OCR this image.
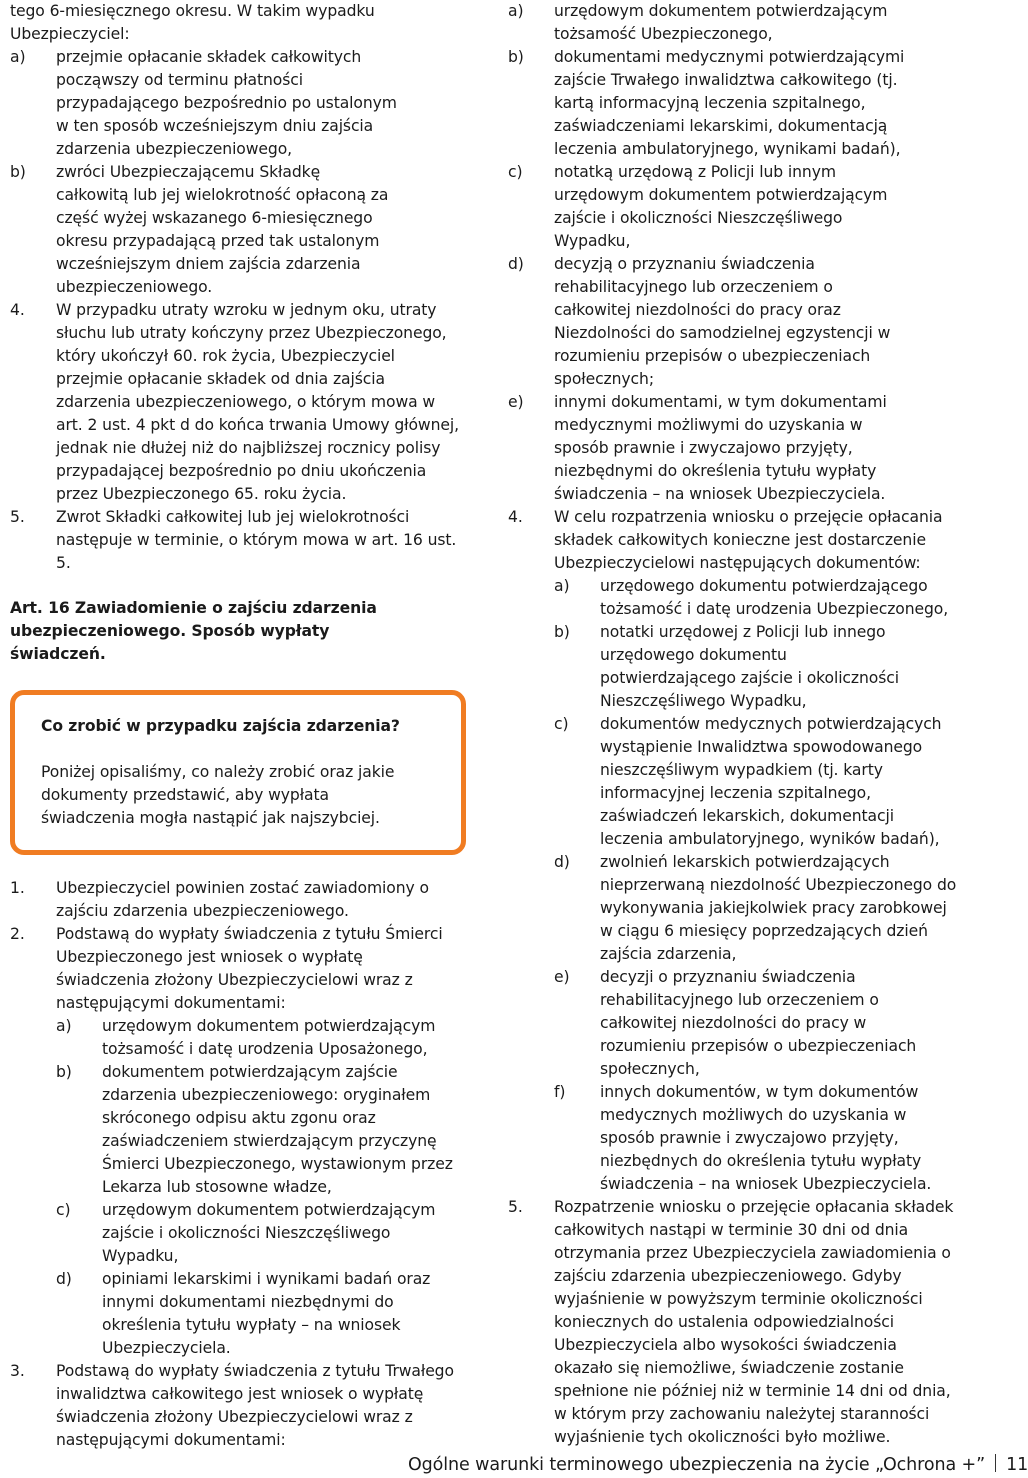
tego 6-miesięcznego okresu. W takim wypadku Ubezpieczyciel:

a) przejmie opłacanie składek całkowitych począwszy od terminu płatności przypadającego bezpośrednio po ustalonym w ten sposób wcześniejszym dniu zajścia zdarzenia ubezpieczeniowego,

b) zwróci Ubezpieczającemu Składkę całkowitą lub jej wielokrotność opłaconą za część wyżej wskazanego 6-miesięcznego okresu przypadającą przed tak ustalonym wcześniejszym dniem zajścia zdarzenia ubezpieczeniowego.

4. W przypadku utraty wzroku w jednym oku, utraty słuchu lub utraty kończyny przez Ubezpieczonego, który ukończył 60. rok życia, Ubezpieczyciel przejmie opłacanie składek od dnia zajścia zdarzenia ubezpieczeniowego, o którym mowa w art. 2 ust. 4 pkt d do końca trwania Umowy głównej, jednak nie dłużej niż do najbliższej rocznicy polisy przypadającej bezpośrednio po dniu ukończenia przez Ubezpieczonego 65. roku życia.

5. Zwrot Składki całkowitej lub jej wielokrotności następuje w terminie, o którym mowa w art. 16 ust. 5.

Art. 16 Zawiadomienie o zajściu zdarzenia ubezpieczeniowego. Sposób wypłaty świadczeń.

Co zrobić w przypadku zajścia zdarzenia?

Poniżej opisaliśmy, co należy zrobić oraz jakie dokumenty przedstawić, aby wypłata świadczenia mogła nastąpić jak najszybciej.

1. Ubezpieczyciel powinien zostać zawiadomiony o zajściu zdarzenia ubezpieczeniowego.

2. Podstawą do wypłaty świadczenia z tytułu Śmierci Ubezpieczonego jest wniosek o wypłatę świadczenia złożony Ubezpieczycielowi wraz z następującymi dokumentami:

a) urzędowym dokumentem potwierdzającym tożsamość i datę urodzenia Uposażonego,

b) dokumentem potwierdzającym zajście zdarzenia ubezpieczeniowego: oryginałem skróconego odpisu aktu zgonu oraz zaświadczeniem stwierdzającym przyczynę Śmierci Ubezpieczonego, wystawionym przez Lekarza lub stosowne władze,

c) urzędowym dokumentem potwierdzającym zajście i okoliczności Nieszczęśliwego Wypadku,

d) opiniami lekarskimi i wynikami badań oraz innymi dokumentami niezbędnymi do określenia tytułu wypłaty – na wniosek Ubezpieczyciela.

3. Podstawą do wypłaty świadczenia z tytułu Trwałego inwalidztwa całkowitego jest wniosek o wypłatę świadczenia złożony Ubezpieczycielowi wraz z następującymi dokumentami:

a) urzędowym dokumentem potwierdzającym tożsamość Ubezpieczonego,

b) dokumentami medycznymi potwierdzającymi zajście Trwałego inwalidztwa całkowitego (tj. kartą informacyjną leczenia szpitalnego, zaświadczeniami lekarskimi, dokumentacją leczenia ambulatoryjnego, wynikami badań),

c) notatką urzędową z Policji lub innym urzędowym dokumentem potwierdzającym zajście i okoliczności Nieszczęśliwego Wypadku,

d) decyzją o przyznaniu świadczenia rehabilitacyjnego lub orzeczeniem o całkowitej niezdolności do pracy oraz Niezdolności do samodzielnej egzystencji w rozumieniu przepisów o ubezpieczeniach społecznych;

e) innymi dokumentami, w tym dokumentami medycznymi możliwymi do uzyskania w sposób prawnie i zwyczajowo przyjęty, niezbędnymi do określenia tytułu wypłaty świadczenia – na wniosek Ubezpieczyciela.

4. W celu rozpatrzenia wniosku o przejęcie opłacania składek całkowitych konieczne jest dostarczenie Ubezpieczycielowi następujących dokumentów:

a) urzędowego dokumentu potwierdzającego tożsamość i datę urodzenia Ubezpieczonego,

b) notatki urzędowej z Policji lub innego urzędowego dokumentu potwierdzającego zajście i okoliczności Nieszczęśliwego Wypadku,

c) dokumentów medycznych potwierdzających wystąpienie Inwalidztwa spowodowanego nieszczęśliwym wypadkiem (tj. karty informacyjnej leczenia szpitalnego, zaświadczeń lekarskich, dokumentacji leczenia ambulatoryjnego, wyników badań),

d) zwolnień lekarskich potwierdzających nieprzerwaną niezdolność Ubezpieczonego do wykonywania jakiejkolwiek pracy zarobkowej w ciągu 6 miesięcy poprzedzających dzień zajścia zdarzenia,

e) decyzji o przyznaniu świadczenia rehabilitacyjnego lub orzeczeniem o całkowitej niezdolności do pracy w rozumieniu przepisów o ubezpieczeniach społecznych,

f) innych dokumentów, w tym dokumentów medycznych możliwych do uzyskania w sposób prawnie i zwyczajowo przyjęty, niezbędnych do określenia tytułu wypłaty świadczenia – na wniosek Ubezpieczyciela.

5. Rozpatrzenie wniosku o przejęcie opłacania składek całkowitych nastąpi w terminie 30 dni od dnia otrzymania przez Ubezpieczyciela zawiadomienia o zajściu zdarzenia ubezpieczeniowego. Gdyby wyjaśnienie w powyższym terminie okoliczności koniecznych do ustalenia odpowiedzialności Ubezpieczyciela albo wysokości świadczenia okazało się niemożliwe, świadczenie zostanie spełnione nie później niż w terminie 14 dni od dnia, w którym przy zachowaniu należytej staranności wyjaśnienie tych okoliczności było możliwe.

Ogólne warunki terminowego ubezpieczenia na życie „Ochrona +” 11
